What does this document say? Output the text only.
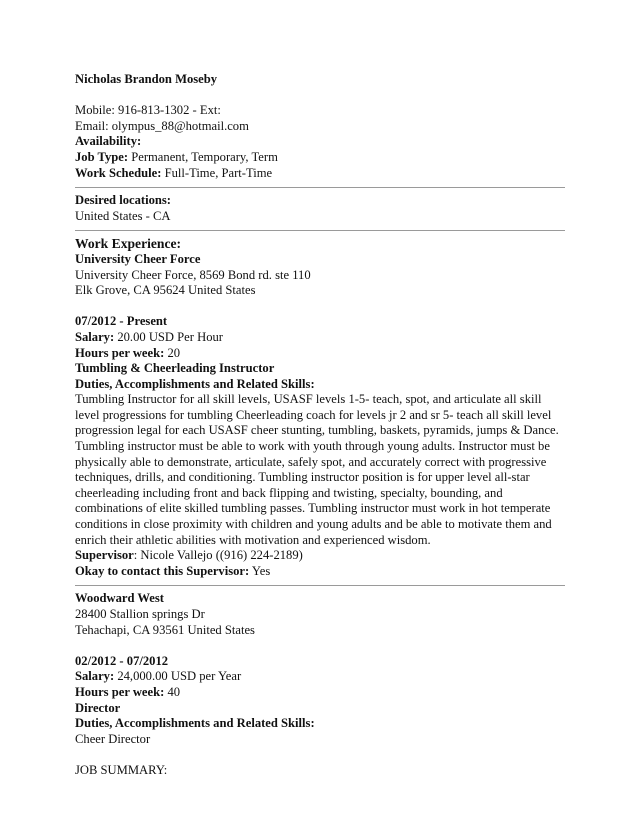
Nicholas Brandon Moseby
Mobile: 916-813-1302 - Ext:
Email: olympus_88@hotmail.com
Availability:
Job Type: Permanent, Temporary, Term
Work Schedule: Full-Time, Part-Time
Desired locations:
United States - CA
Work Experience:
University Cheer Force
University Cheer Force, 8569 Bond rd. ste 110
Elk Grove, CA 95624 United States
07/2012 - Present
Salary: 20.00 USD Per Hour
Hours per week: 20
Tumbling & Cheerleading Instructor
Duties, Accomplishments and Related Skills:
Tumbling Instructor for all skill levels, USASF levels 1-5- teach, spot, and articulate all skill
level progressions for tumbling Cheerleading coach for levels jr 2 and sr 5- teach all skill level
progression legal for each USASF cheer stunting, tumbling, baskets, pyramids, jumps & Dance.
Tumbling instructor must be able to work with youth through young adults. Instructor must be
physically able to demonstrate, articulate, safely spot, and accurately correct with progressive
techniques, drills, and conditioning. Tumbling instructor position is for upper level all-star
cheerleading including front and back flipping and twisting, specialty, bounding, and
combinations of elite skilled tumbling passes. Tumbling instructor must work in hot temperate
conditions in close proximity with children and young adults and be able to motivate them and
enrich their athletic abilities with motivation and experienced wisdom.
Supervisor: Nicole Vallejo ((916) 224-2189)
Okay to contact this Supervisor: Yes
Woodward West
28400 Stallion springs Dr
Tehachapi, CA 93561 United States
02/2012 - 07/2012
Salary: 24,000.00 USD per Year
Hours per week: 40
Director
Duties, Accomplishments and Related Skills:
Cheer Director
JOB SUMMARY:
